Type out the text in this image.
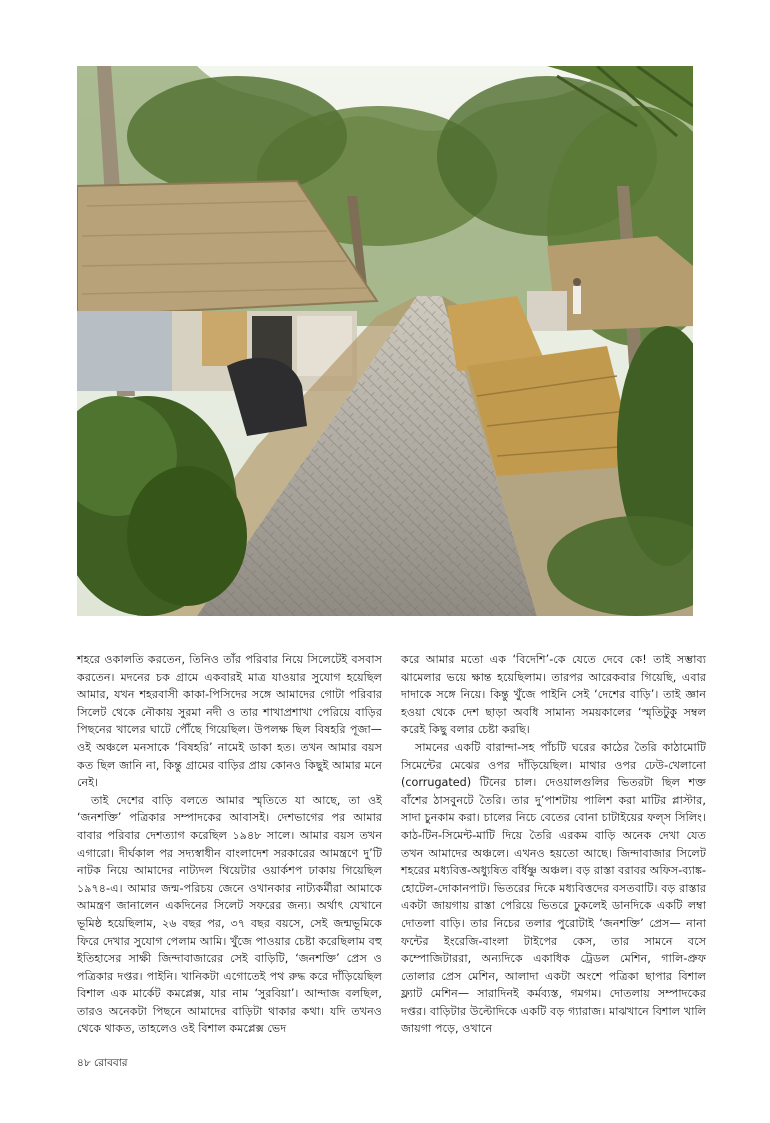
শহরে ওকালতি করতেন, তিনিও তাঁর পরিবার নিয়ে সিলেটেই বসবাস করতেন। মদনের চক গ্রামে একবারই মাত্র যাওয়ার সুযোগ হয়েছিল আমার, যখন শহরবাসী কাকা-পিসিদের সঙ্গে আমাদের গোটা পরিবার সিলেট থেকে নৌকায় সুরমা নদী ও তার শাখাপ্রশাখা পেরিয়ে বাড়ির পিছনের খালের ঘাটে পৌঁছে গিয়েছিল। উপলক্ষ ছিল বিষহরি পূজা— ওই অঞ্চলে মনসাকে ‘বিষহরি’ নামেই ডাকা হত। তখন আমার বয়স কত ছিল জানি না, কিন্তু গ্রামের বাড়ির প্রায় কোনও কিছুই আমার মনে নেই।

তাই দেশের বাড়ি বলতে আমার স্মৃতিতে যা আছে, তা ওই ‘জনশক্তি’ পত্রিকার সম্পাদকের আবাসই। দেশভাগের পর আমার বাবার পরিবার দেশত্যাগ করেছিল ১৯৪৮ সালে। আমার বয়স তখন এগারো। দীর্ঘকাল পর সদ্যস্বাধীন বাংলাদেশ সরকারের আমন্ত্রণে দু’টি নাটক নিয়ে আমাদের নাট্যদল থিয়েটার ওয়ার্কশপ ঢাকায় গিয়েছিল ১৯৭৪-এ। আমার জন্ম-পরিচয় জেনে ওখানকার নাট্যকর্মীরা আমাকে আমন্ত্রণ জানালেন একদিনের সিলেট সফরের জন্য। অর্থাৎ যেখানে ভূমিষ্ঠ হয়েছিলাম, ২৬ বছর পর, ৩৭ বছর বয়সে, সেই জন্মভূমিকে ফিরে দেখার সুযোগ পেলাম আমি। খুঁজে পাওয়ার চেষ্টা করেছিলাম বহু ইতিহাসের সাক্ষী জিন্দাবাজারের সেই বাড়িটি, ‘জনশক্তি’ প্রেস ও পত্রিকার দপ্তর। পাইনি। খানিকটা এগোতেই পথ রুদ্ধ করে দাঁড়িয়েছিল বিশাল এক মার্কেট কমপ্লেক্স, যার নাম ‘সুরবিয়া’। আন্দাজ বলছিল, তারও অনেকটা পিছনে আমাদের বাড়িটা থাকার কথা। যদি তখনও থেকে থাকত, তাহলেও ওই বিশাল কমপ্লেক্স ভেদ

করে আমার মতো এক ‘বিদেশি’-কে যেতে দেবে কে! তাই সম্ভাব্য ঝামেলার ভয়ে ক্ষান্ত হয়েছিলাম। তারপর আরেকবার গিয়েছি, এবার দাদাকে সঙ্গে নিয়ে। কিন্তু খুঁজে পাইনি সেই ‘দেশের বাড়ি’। তাই জ্ঞান হওয়া থেকে দেশ ছাড়া অবধি সামান্য সময়কালের ‘স্মৃতিটুকু সম্বল করেই কিছু বলার চেষ্টা করছি।

সামনের একটি বারান্দা-সহ পাঁচটি ঘরের কাঠের তৈরি কাঠামোটি সিমেন্টের মেঝের ওপর দাঁড়িয়েছিল। মাথার ওপর ঢেউ-খেলানো (corrugated) টিনের চাল। দেওয়ালগুলির ভিতরটা ছিল শক্ত বাঁশের ঠাসবুনটে তৈরি। তার দু’পাশটায় পালিশ করা মাটির প্লাস্টার, সাদা চুনকাম করা। চালের নিচে বেতের বোনা চাটাইয়ের ফল্‌স সিলিং। কাঠ-টিন-সিমেন্ট-মাটি দিয়ে তৈরি এরকম বাড়ি অনেক দেখা যেত তখন আমাদের অঞ্চলে। এখনও হয়তো আছে। জিন্দাবাজার সিলেট শহরের মধ্যবিত্ত-অধ্যুষিত বর্ধিষ্ণু অঞ্চল। বড় রাস্তা বরাবর অফিস-ব্যাঙ্ক-হোটেল-দোকানপাট। ভিতরের দিকে মধ্যবিত্তদের বসতবাটি। বড় রাস্তার একটা জায়গায় রাস্তা পেরিয়ে ভিতরে ঢুকলেই ডানদিকে একটি লম্বা দোতলা বাড়ি। তার নিচের তলার পুরোটাই ‘জনশক্তি’ প্রেস— নানা ফন্টের ইংরেজি-বাংলা টাইপের কেস, তার সামনে বসে কম্পোজিটাররা, অন্যদিকে একাধিক ট্রেডল মেশিন, গালি-প্রুফ তোলার প্রেস মেশিন, আলাদা একটা অংশে পত্রিকা ছাপার বিশাল ফ্ল্যাট মেশিন— সারাদিনই কর্মব্যস্ত, গমগম। দোতলায় সম্পাদকের দপ্তর। বাড়িটার উল্টোদিকে একটি বড় গ্যারাজ। মাঝখানে বিশাল খালি জায়গা পড়ে, ওখানে

৪৮ রোববার
